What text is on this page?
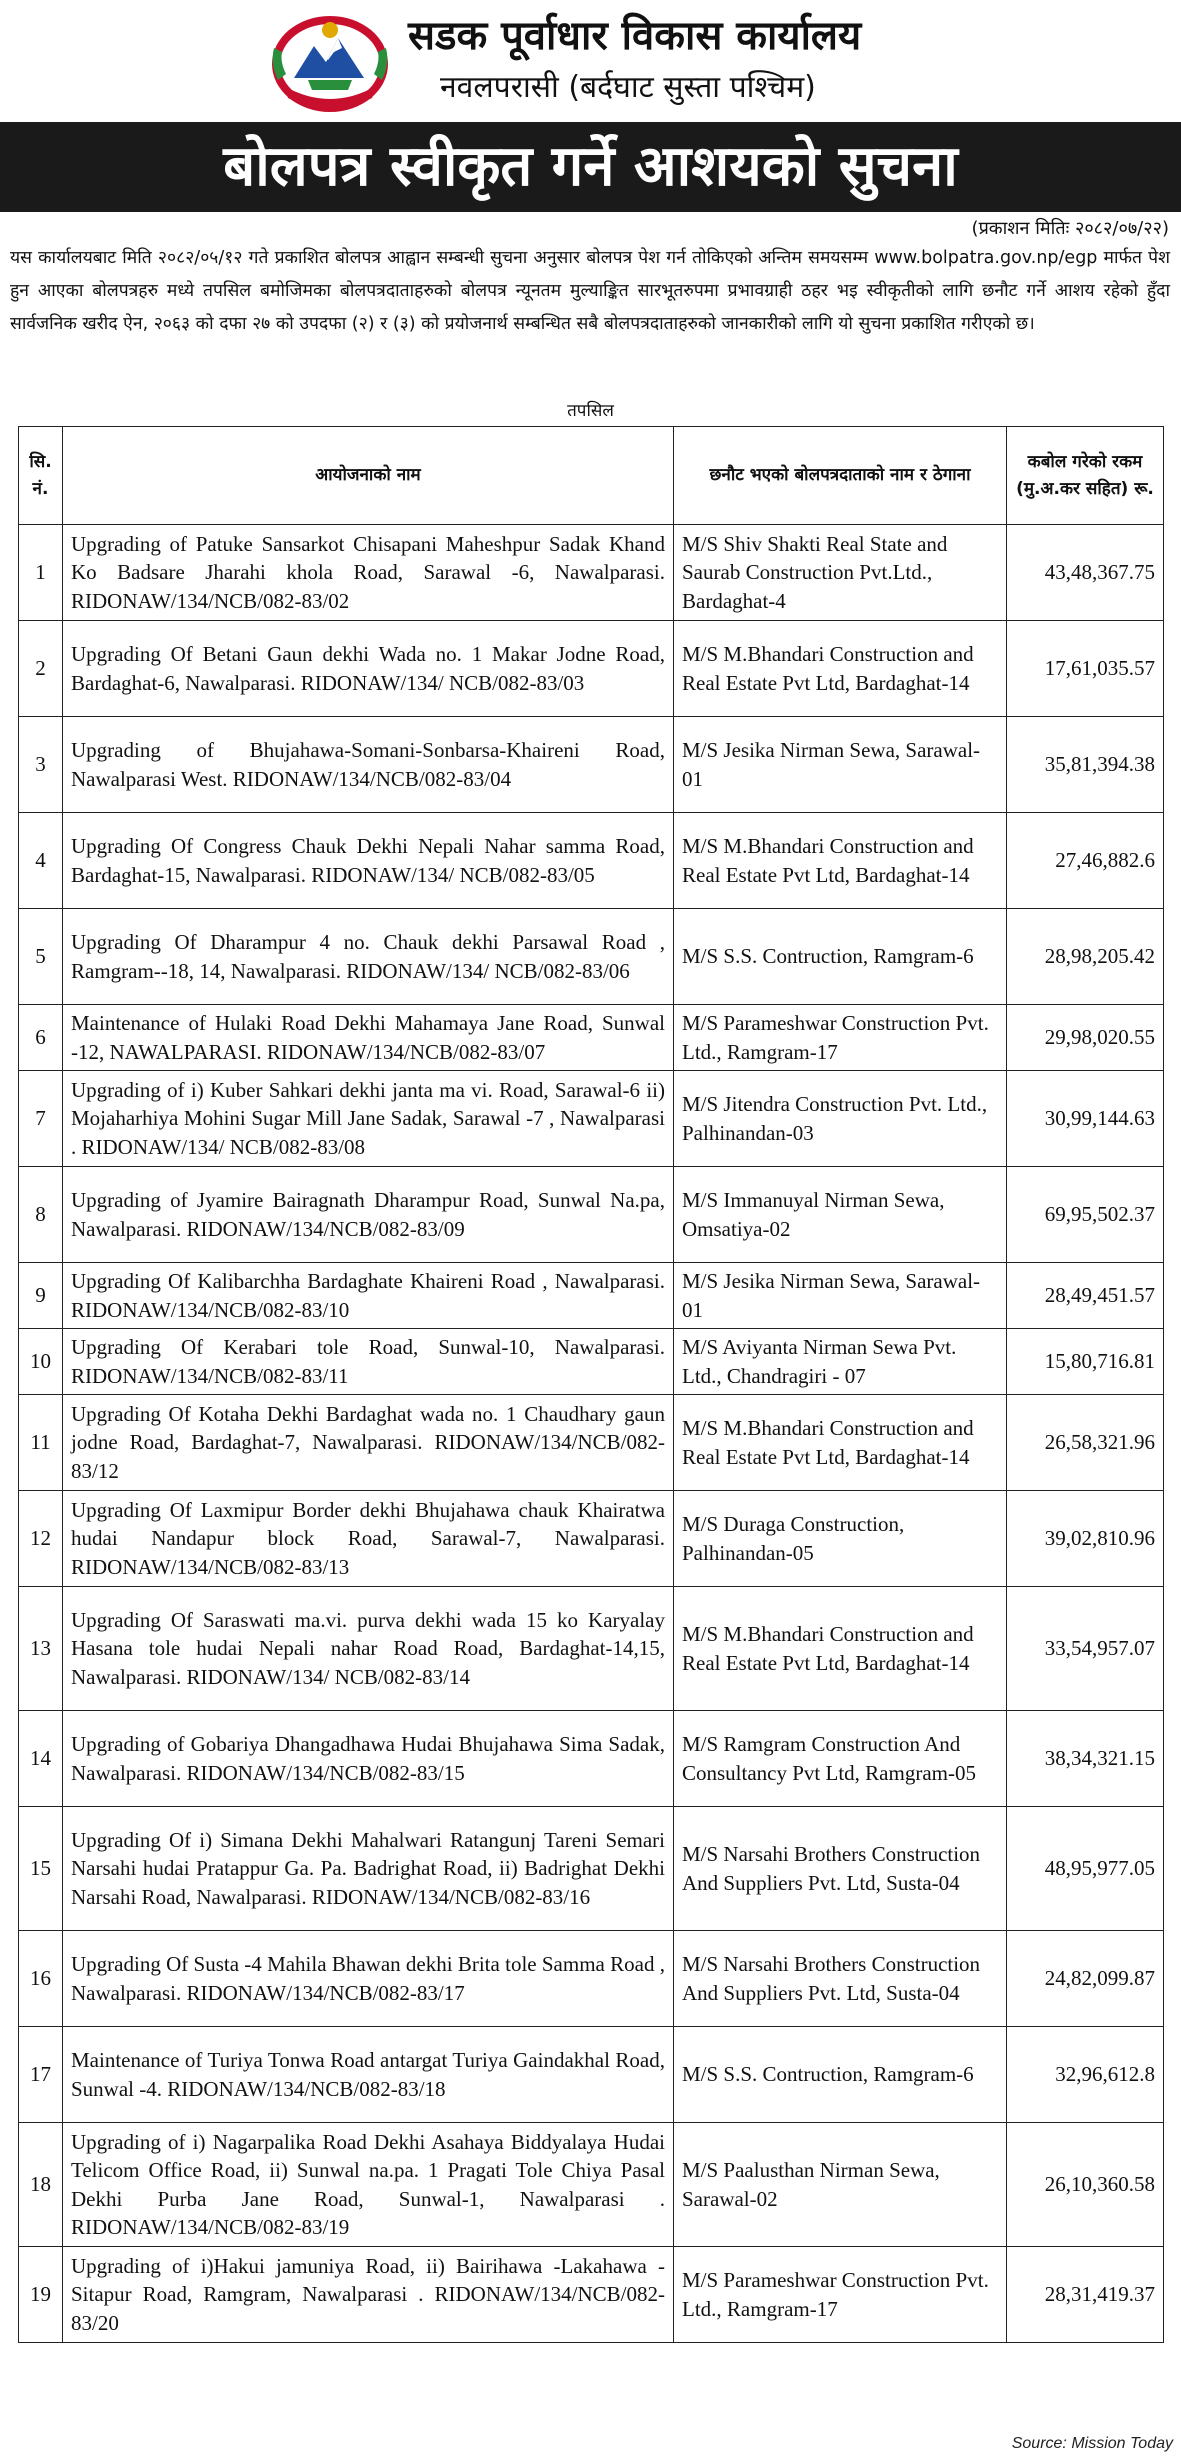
सडक पूर्वाधार विकास कार्यालय
नवलपरासी (बर्दघाट सुस्ता पश्चिम)
बोलपत्र स्वीकृत गर्ने आशयको सुचना
(प्रकाशन मितिः २०८२/०७/२२)
यस कार्यालयबाट मिति २०८२/०५/१२ गते प्रकाशित बोलपत्र आह्वान सम्बन्धी सुचना अनुसार बोलपत्र पेश गर्न तोकिएको अन्तिम समयसम्म www.bolpatra.gov.np/egp मार्फत पेश हुन आएका बोलपत्रहरु मध्ये तपसिल बमोजिमका बोलपत्रदाताहरुको बोलपत्र न्यूनतम मुल्याङ्कित सारभूतरुपमा प्रभावग्राही ठहर भइ स्वीकृतीको लागि छनौट गर्ने आशय रहेको हुँदा सार्वजनिक खरीद ऐन, २०६३ को दफा २७ को उपदफा (२) र (३) को प्रयोजनार्थ सम्बन्धित सबै बोलपत्रदाताहरुको जानकारीको लागि यो सुचना प्रकाशित गरीएको छ।
तपसिल
सि. नं.	आयोजनाको नाम	छनौट भएको बोलपत्रदाताको नाम र ठेगाना	कबोल गरेको रकम (मु.अ.कर सहित) रू.
1	Upgrading of Patuke Sansarkot Chisapani Maheshpur Sadak Khand Ko Badsare Jharahi khola Road, Sarawal -6, Nawalparasi. RIDONAW/134/NCB/082-83/02	M/S Shiv Shakti Real State and Saurab Construction Pvt.Ltd., Bardaghat-4	43,48,367.75
2	Upgrading Of Betani Gaun dekhi Wada no. 1 Makar Jodne Road, Bardaghat-6, Nawalparasi. RIDONAW/134/ NCB/082-83/03	M/S M.Bhandari Construction and Real Estate Pvt Ltd, Bardaghat-14	17,61,035.57
3	Upgrading of Bhujahawa-Somani-Sonbarsa-Khaireni Road, Nawalparasi West. RIDONAW/134/NCB/082-83/04	M/S Jesika Nirman Sewa, Sarawal-01	35,81,394.38
4	Upgrading Of Congress Chauk Dekhi Nepali Nahar samma Road, Bardaghat-15, Nawalparasi. RIDONAW/134/ NCB/082-83/05	M/S M.Bhandari Construction and Real Estate Pvt Ltd, Bardaghat-14	27,46,882.6
5	Upgrading Of Dharampur 4 no. Chauk dekhi Parsawal Road , Ramgram--18, 14, Nawalparasi. RIDONAW/134/ NCB/082-83/06	M/S S.S. Contruction, Ramgram-6	28,98,205.42
6	Maintenance of Hulaki Road Dekhi Mahamaya Jane Road, Sunwal -12, NAWALPARASI. RIDONAW/134/NCB/082-83/07	M/S Parameshwar Construction Pvt. Ltd., Ramgram-17	29,98,020.55
7	Upgrading of i) Kuber Sahkari dekhi janta ma vi. Road, Sarawal-6 ii) Mojaharhiya Mohini Sugar Mill Jane Sadak, Sarawal -7 , Nawalparasi . RIDONAW/134/ NCB/082-83/08	M/S Jitendra Construction Pvt. Ltd., Palhinandan-03	30,99,144.63
8	Upgrading of Jyamire Bairagnath Dharampur Road, Sunwal Na.pa, Nawalparasi. RIDONAW/134/NCB/082-83/09	M/S Immanuyal Nirman Sewa, Omsatiya-02	69,95,502.37
9	Upgrading Of Kalibarchha Bardaghate Khaireni Road , Nawalparasi. RIDONAW/134/NCB/082-83/10	M/S Jesika Nirman Sewa, Sarawal-01	28,49,451.57
10	Upgrading Of Kerabari tole Road, Sunwal-10, Nawalparasi. RIDONAW/134/NCB/082-83/11	M/S Aviyanta Nirman Sewa Pvt. Ltd., Chandragiri - 07	15,80,716.81
11	Upgrading Of Kotaha Dekhi Bardaghat wada no. 1 Chaudhary gaun jodne Road, Bardaghat-7, Nawalparasi. RIDONAW/134/NCB/082-83/12	M/S M.Bhandari Construction and Real Estate Pvt Ltd, Bardaghat-14	26,58,321.96
12	Upgrading Of Laxmipur Border dekhi Bhujahawa chauk Khairatwa hudai Nandapur block Road, Sarawal-7, Nawalparasi. RIDONAW/134/NCB/082-83/13	M/S Duraga Construction, Palhinandan-05	39,02,810.96
13	Upgrading Of Saraswati ma.vi. purva dekhi wada 15 ko Karyalay Hasana tole hudai Nepali nahar Road Road, Bardaghat-14,15, Nawalparasi. RIDONAW/134/ NCB/082-83/14	M/S M.Bhandari Construction and Real Estate Pvt Ltd, Bardaghat-14	33,54,957.07
14	Upgrading of Gobariya Dhangadhawa Hudai Bhujahawa Sima Sadak, Nawalparasi. RIDONAW/134/NCB/082-83/15	M/S Ramgram Construction And Consultancy Pvt Ltd, Ramgram-05	38,34,321.15
15	Upgrading Of i) Simana Dekhi Mahalwari Ratangunj Tareni Semari Narsahi hudai Pratappur Ga. Pa. Badrighat Road, ii) Badrighat Dekhi Narsahi Road, Nawalparasi. RIDONAW/134/NCB/082-83/16	M/S Narsahi Brothers Construction And Suppliers Pvt. Ltd, Susta-04	48,95,977.05
16	Upgrading Of Susta -4 Mahila Bhawan dekhi Brita tole Samma Road , Nawalparasi. RIDONAW/134/NCB/082-83/17	M/S Narsahi Brothers Construction And Suppliers Pvt. Ltd, Susta-04	24,82,099.87
17	Maintenance of Turiya Tonwa Road antargat Turiya Gaindakhal Road, Sunwal -4. RIDONAW/134/NCB/082-83/18	M/S S.S. Contruction, Ramgram-6	32,96,612.8
18	Upgrading of i) Nagarpalika Road Dekhi Asahaya Biddyalaya Hudai Telicom Office Road, ii) Sunwal na.pa. 1 Pragati Tole Chiya Pasal Dekhi Purba Jane Road, Sunwal-1, Nawalparasi . RIDONAW/134/NCB/082-83/19	M/S Paalusthan Nirman Sewa, Sarawal-02	26,10,360.58
19	Upgrading of i)Hakui jamuniya Road, ii) Bairihawa -Lakahawa - Sitapur Road, Ramgram, Nawalparasi . RIDONAW/134/NCB/082-83/20	M/S Parameshwar Construction Pvt. Ltd., Ramgram-17	28,31,419.37
Source: Mission Today
